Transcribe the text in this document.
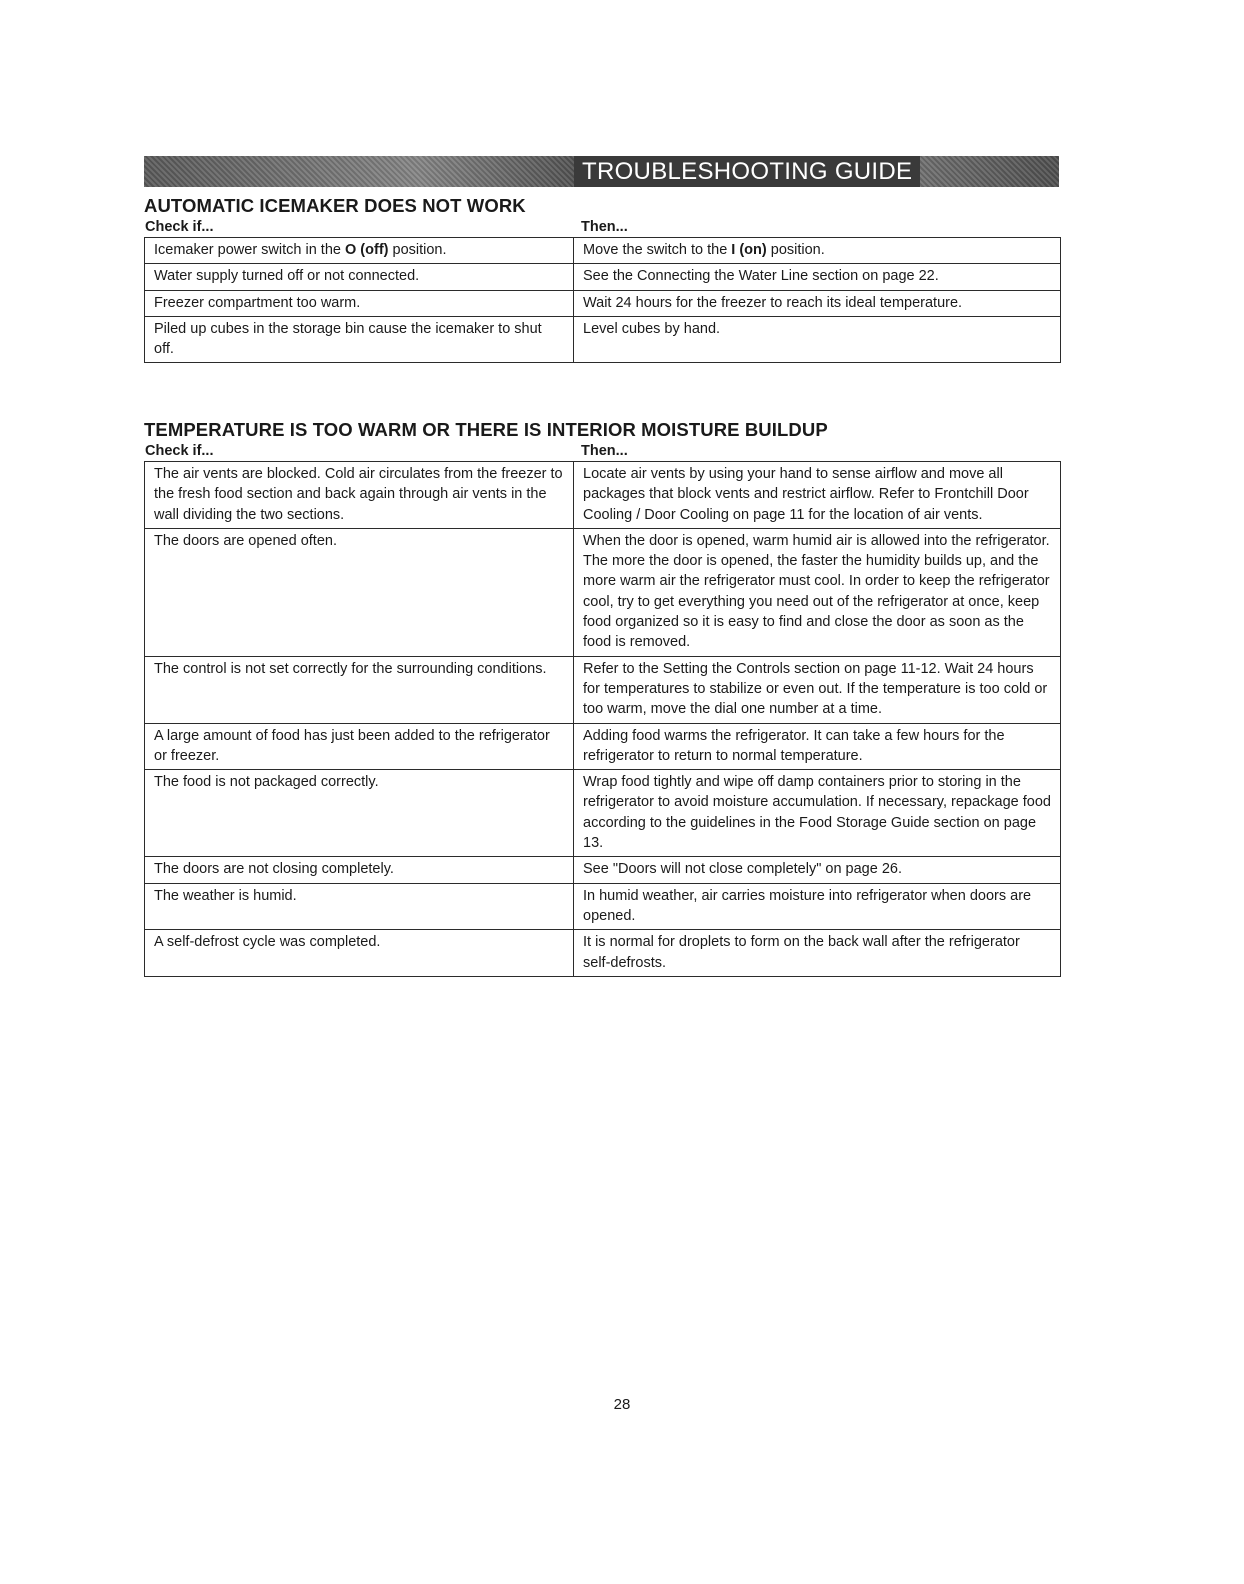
TROUBLESHOOTING GUIDE
AUTOMATIC ICEMAKER DOES NOT WORK
Check if...	Then...
Icemaker power switch in the O (off) position.	Move the switch to the I (on) position.
Water supply turned off or not connected.	See the Connecting the Water Line section on page 22.
Freezer compartment too warm.	Wait 24 hours for the freezer to reach its ideal temperature.
Piled up cubes in the storage bin cause the icemaker to shut off.	Level cubes by hand.
TEMPERATURE IS TOO WARM OR THERE IS INTERIOR MOISTURE BUILDUP
Check if...	Then...
The air vents are blocked. Cold air circulates from the freezer to the fresh food section and back again through air vents in the wall dividing the two sections.	Locate air vents by using your hand to sense airflow and move all packages that block vents and restrict airflow. Refer to Frontchill Door Cooling / Door Cooling on page 11 for the location of air vents.
The doors are opened often.	When the door is opened, warm humid air is allowed into the refrigerator. The more the door is opened, the faster the humidity builds up, and the more warm air the refrigerator must cool. In order to keep the refrigerator cool, try to get everything you need out of the refrigerator at once, keep food organized so it is easy to find and close the door as soon as the food is removed.
The control is not set correctly for the surrounding conditions.	Refer to the Setting the Controls section on page 11-12. Wait 24 hours for temperatures to stabilize or even out. If the temperature is too cold or too warm, move the dial one number at a time.
A large amount of food has just been added to the refrigerator or freezer.	Adding food warms the refrigerator. It can take a few hours for the refrigerator to return to normal temperature.
The food is not packaged correctly.	Wrap food tightly and wipe off damp containers prior to storing in the refrigerator to avoid moisture accumulation. If necessary, repackage food according to the guidelines in the Food Storage Guide section on page 13.
The doors are not closing completely.	See "Doors will not close completely" on page 26.
The weather is humid.	In humid weather, air carries moisture into refrigerator when doors are opened.
A self-defrost cycle was completed.	It is normal for droplets to form on the back wall after the refrigerator self-defrosts.
28
